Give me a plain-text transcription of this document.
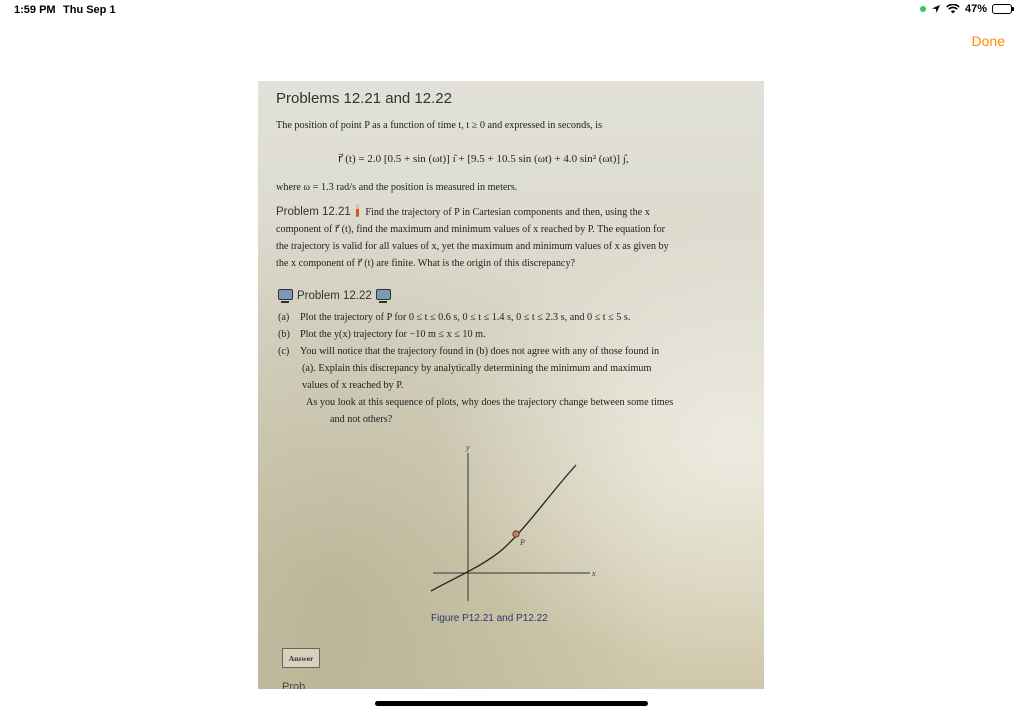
1:59 PM Thu Sep 1	47%
Done
Problems 12.21 and 12.22
The position of point P as a function of time t, t ≥ 0 and expressed in seconds, is
r⃗ (t) = 2.0 [0.5 + sin (ωt)] ı̂ + [9.5 + 10.5 sin (ωt) + 4.0 sin² (ωt)] ȷ̂,
where ω = 1.3 rad/s and the position is measured in meters.
Problem 12.21 Find the trajectory of P in Cartesian components and then, using the x
component of r⃗ (t), find the maximum and minimum values of x reached by P. The equation for
the trajectory is valid for all values of x, yet the maximum and minimum values of x as given by
the x component of r⃗ (t) are finite. What is the origin of this discrepancy?
Problem 12.22
(a) Plot the trajectory of P for 0 ≤ t ≤ 0.6 s, 0 ≤ t ≤ 1.4 s, 0 ≤ t ≤ 2.3 s, and 0 ≤ t ≤ 5 s.
(b) Plot the y(x) trajectory for −10 m ≤ x ≤ 10 m.
(c) You will notice that the trajectory found in (b) does not agree with any of those found in
(a). Explain this discrepancy by analytically determining the minimum and maximum
values of x reached by P.
As you look at this sequence of plots, why does the trajectory change between some times
and not others?
y
x
P
Figure P12.21 and P12.22
Answer
Prob
